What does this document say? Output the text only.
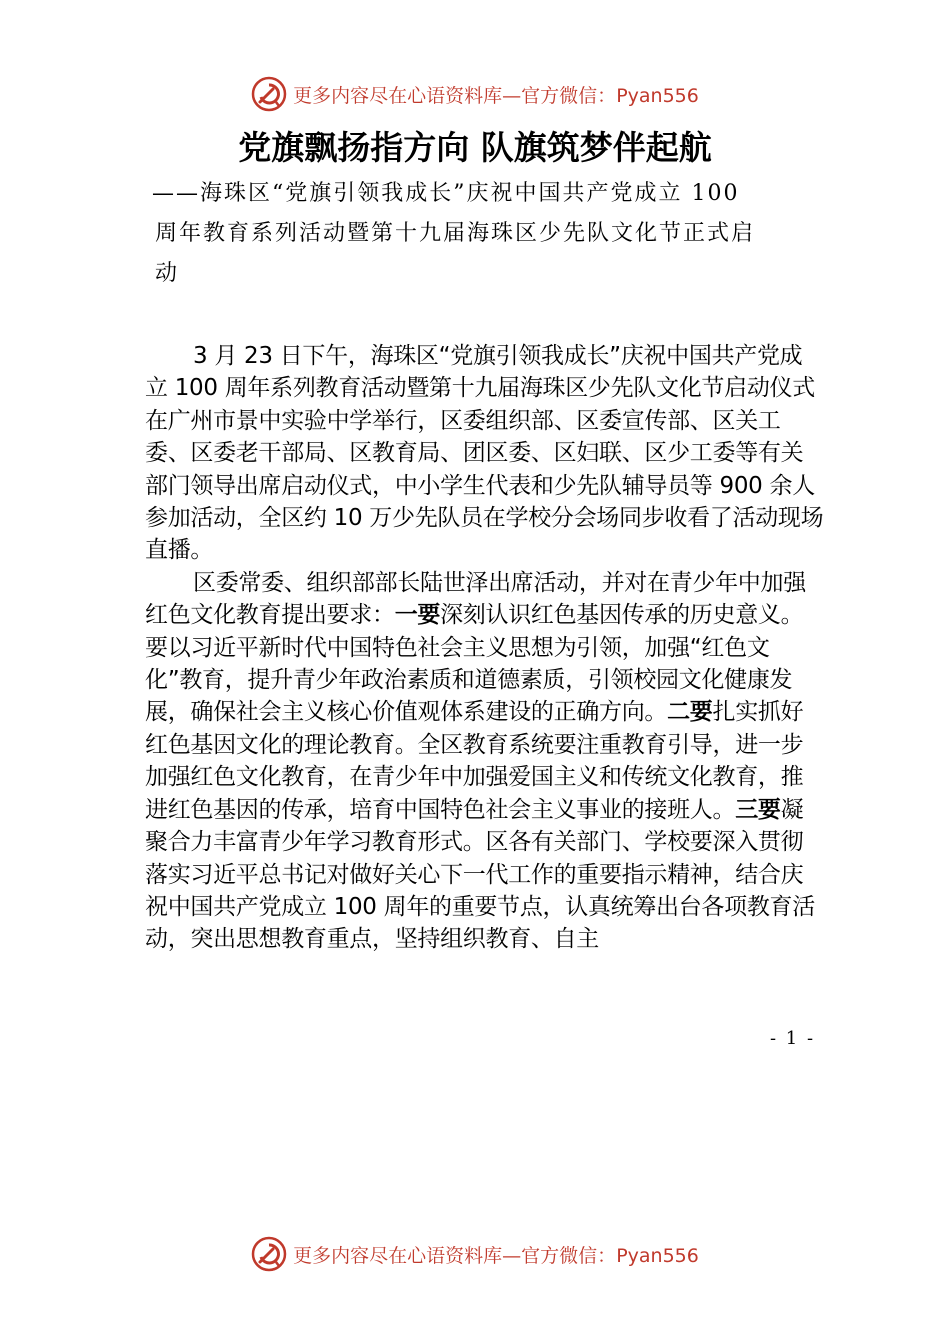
更多内容尽在心语资料库—官方微信：Pyan556
党旗飘扬指方向 队旗筑梦伴起航
——海珠区“党旗引领我成长”庆祝中国共产党成立 100
周年教育系列活动暨第十九届海珠区少先队文化节正式启
动

3 月 23 日下午，海珠区“党旗引领我成长”庆祝中国共产党成立 100 周年系列教育活动暨第十九届海珠区少先队文化节启动仪式在广州市景中实验中学举行，区委组织部、区委宣传部、区关工委、区委老干部局、区教育局、团区委、区妇联、区少工委等有关部门领导出席启动仪式，中小学生代表和少先队辅导员等 900 余人参加活动，全区约 10 万少先队员在学校分会场同步收看了活动现场直播。

区委常委、组织部部长陆世泽出席活动，并对在青少年中加强红色文化教育提出要求：一要深刻认识红色基因传承的历史意义。要以习近平新时代中国特色社会主义思想为引领，加强“红色文化”教育，提升青少年政治素质和道德素质，引领校园文化健康发展，确保社会主义核心价值观体系建设的正确方向。二要扎实抓好红色基因文化的理论教育。全区教育系统要注重教育引导，进一步加强红色文化教育，在青少年中加强爱国主义和传统文化教育，推进红色基因的传承，培育中国特色社会主义事业的接班人。三要凝聚合力丰富青少年学习教育形式。区各有关部门、学校要深入贯彻落实习近平总书记对做好关心下一代工作的重要指示精神，结合庆祝中国共产党成立 100 周年的重要节点，认真统筹出台各项教育活动，突出思想教育重点，坚持组织教育、自主

- 1 -
更多内容尽在心语资料库—官方微信：Pyan556
